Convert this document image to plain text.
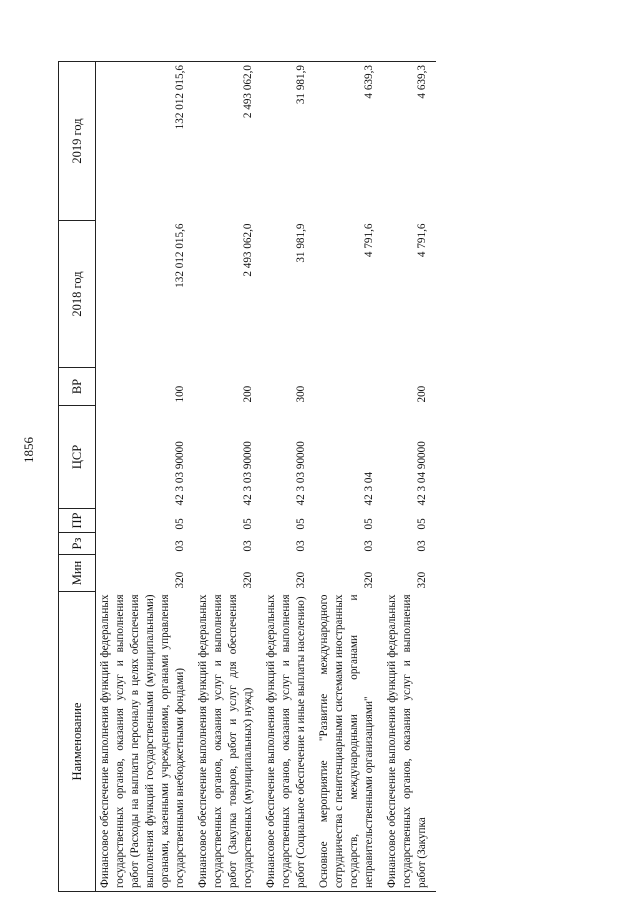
1856
Наименование	Мин	Рз	ПР	ЦСР	ВР	2018 год	2019 год
Финансовое обеспечение выполнения функций федеральных государственных органов, оказания услуг и выполнения работ (Расходы на выплаты персоналу в целях обеспечения выполнения функций государственными (муниципальными) органами, казенными учреждениями, органами управления государственными внебюджетными фондами)	320	03	05	42 3 03 90000	100	132 012 015,6	132 012 015,6
Финансовое обеспечение выполнения функций федеральных государственных органов, оказания услуг и выполнения работ (Закупка товаров, работ и услуг для обеспечения государственных (муниципальных) нужд)	320	03	05	42 3 03 90000	200	2 493 062,0	2 493 062,0
Финансовое обеспечение выполнения функций федеральных государственных органов, оказания услуг и выполнения работ (Социальное обеспечение и иные выплаты населению)	320	03	05	42 3 03 90000	300	31 981,9	31 981,9
Основное мероприятие "Развитие международного сотрудничества с пенитенциарными системами иностранных государств, международными органами и неправительственными организациями"	320	03	05	42 3 04		4 791,6	4 639,3
Финансовое обеспечение выполнения функций федеральных государственных органов, оказания услуг и выполнения работ (Закупка	320	03	05	42 3 04 90000	200	4 791,6	4 639,3
